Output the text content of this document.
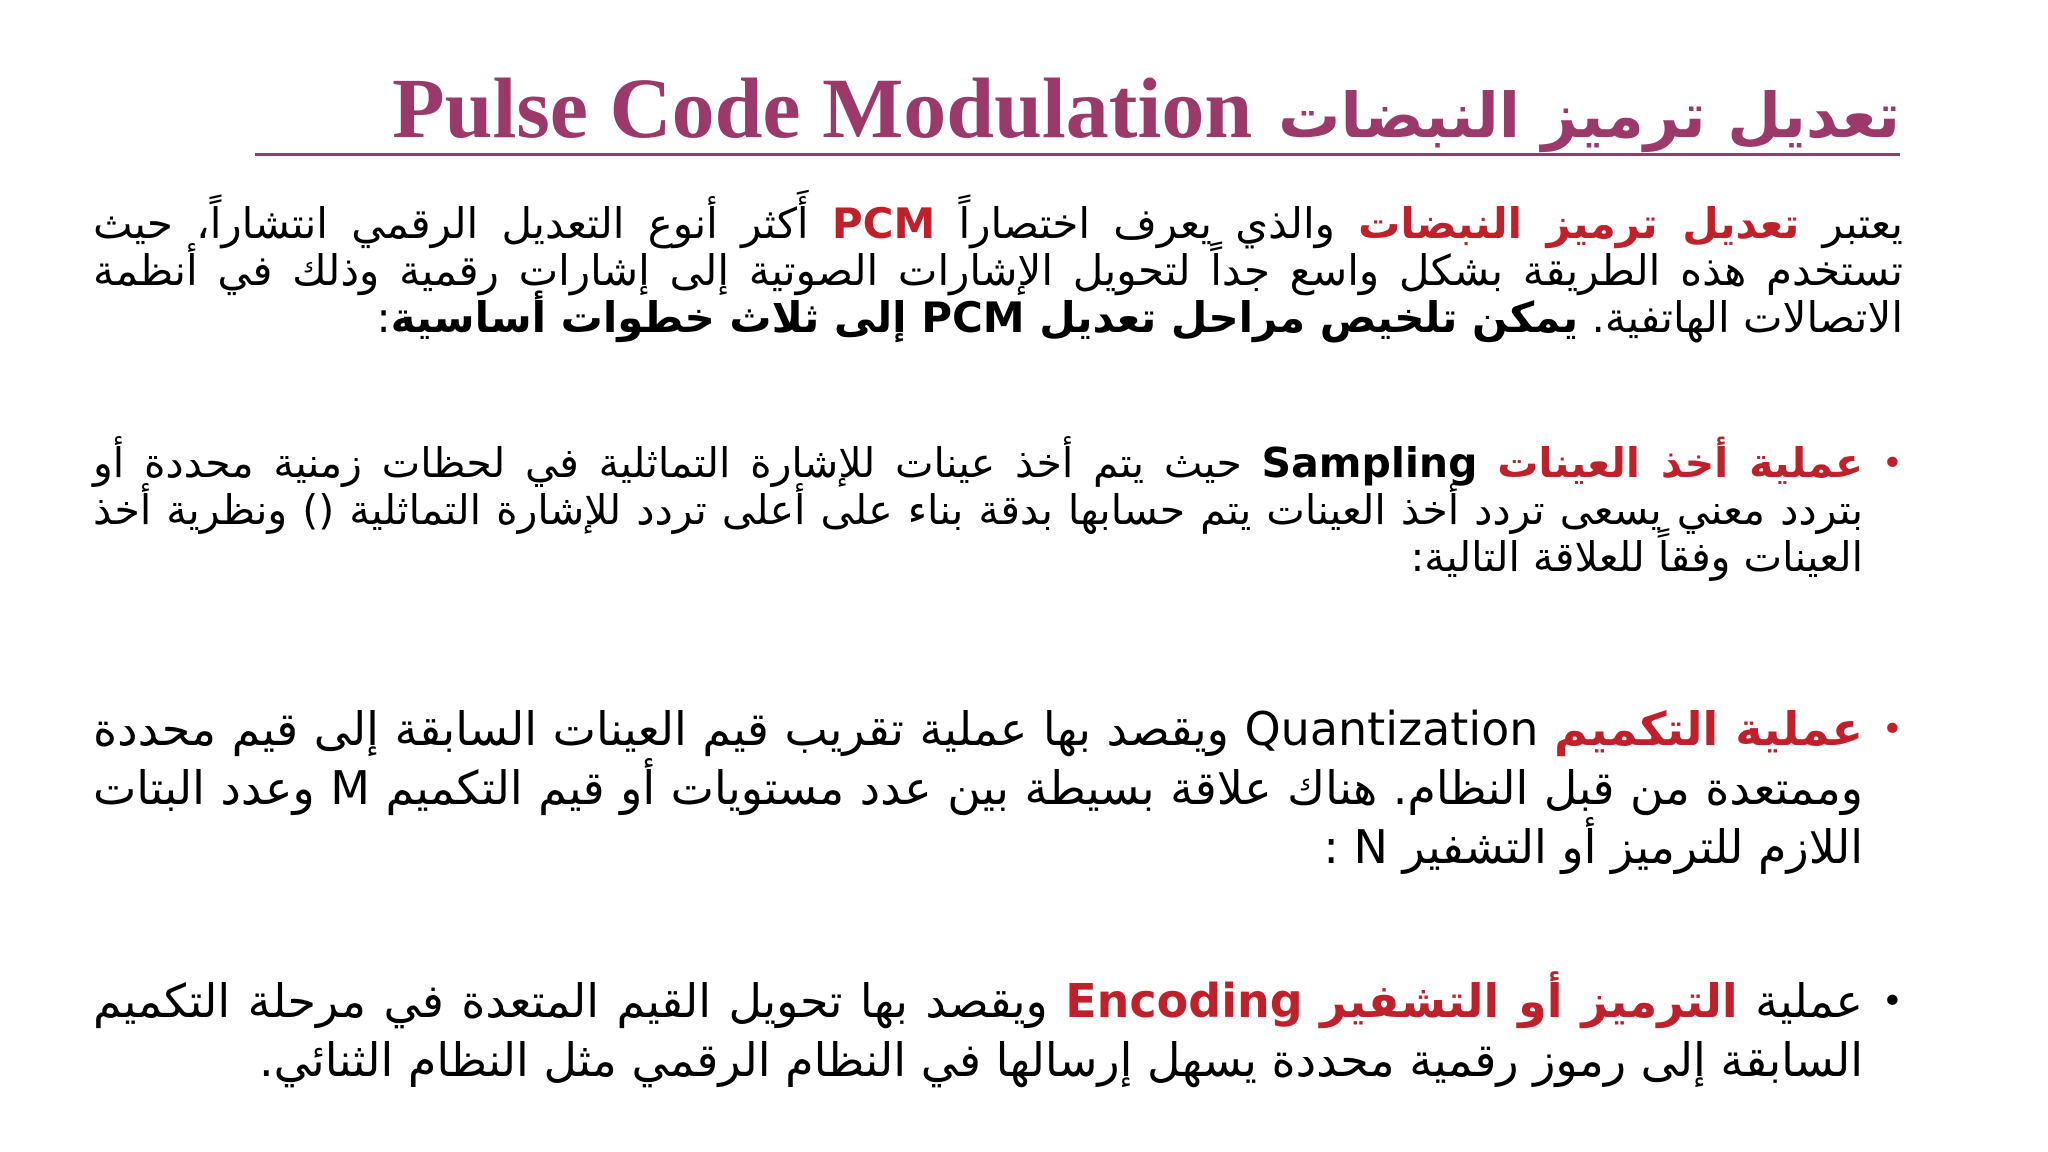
Pulse Code Modulation تعديل ترميز النبضات
يعتبر تعديل ترميز النبضات والذي يعرف اختصاراً PCM أَكثر أنوع التعديل الرقمي انتشاراً، حيث تستخدم هذه الطريقة بشكل واسع جداً لتحويل الإشارات الصوتية إلى إشارات رقمية وذلك في أنظمة الاتصالات الهاتفية. يمكن تلخيص مراحل تعديل PCM إلى ثلاث خطوات أساسية:
•
عملية أخذ العينات Sampling حيث يتم أخذ عينات للإشارة التماثلية في لحظات زمنية محددة أو بتردد معني يسعى تردد أخذ العينات يتم حسابها بدقة بناء على أعلى تردد للإشارة التماثلية () ونظرية أخذ العينات وفقاً للعلاقة التالية:
•
عملية التكميم Quantization ويقصد بها عملية تقريب قيم العينات السابقة إلى قيم محددة وممتعدة من قبل النظام. هناك علاقة بسيطة بين عدد مستويات أو قيم التكميم M وعدد البتات اللازم للترميز أو التشفير N :
•
عملية الترميز أو التشفير Encoding ويقصد بها تحويل القيم المتعدة في مرحلة التكميم السابقة إلى رموز رقمية محددة يسهل إرسالها في النظام الرقمي مثل النظام الثنائي.
